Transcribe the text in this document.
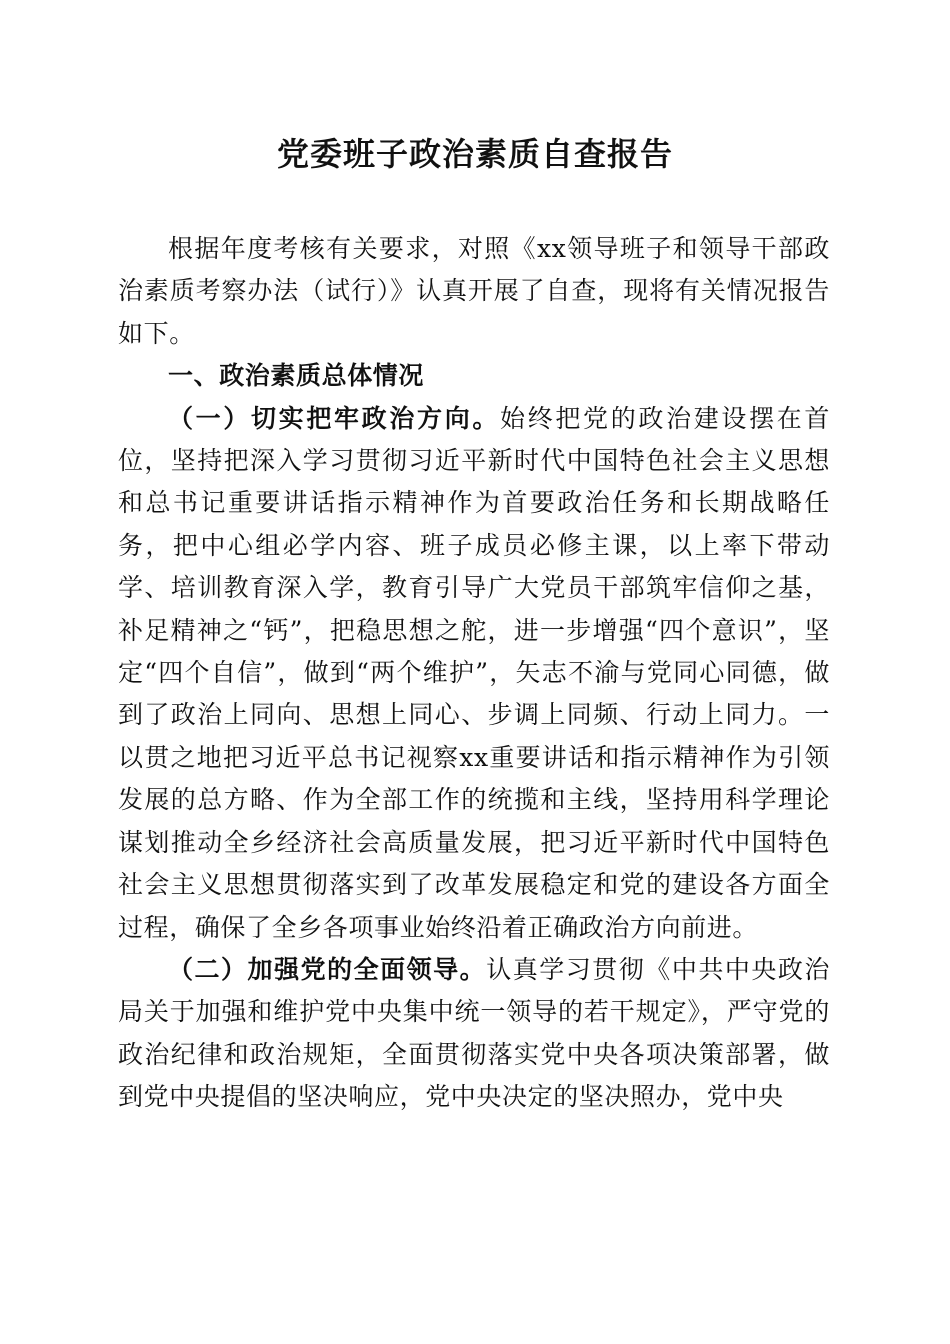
党委班子政治素质自查报告

根据年度考核有关要求，对照《xx领导班子和领导干部政治素质考察办法（试行）》认真开展了自查，现将有关情况报告如下。

一、政治素质总体情况

（一）切实把牢政治方向。始终把党的政治建设摆在首位，坚持把深入学习贯彻习近平新时代中国特色社会主义思想和总书记重要讲话指示精神作为首要政治任务和长期战略任务，把中心组必学内容、班子成员必修主课，以上率下带动学、培训教育深入学，教育引导广大党员干部筑牢信仰之基，补足精神之“钙”，把稳思想之舵，进一步增强“四个意识”，坚定“四个自信”，做到“两个维护”，矢志不渝与党同心同德，做到了政治上同向、思想上同心、步调上同频、行动上同力。一以贯之地把习近平总书记视察xx重要讲话和指示精神作为引领发展的总方略、作为全部工作的统揽和主线，坚持用科学理论谋划推动全乡经济社会高质量发展，把习近平新时代中国特色社会主义思想贯彻落实到了改革发展稳定和党的建设各方面全过程，确保了全乡各项事业始终沿着正确政治方向前进。

（二）加强党的全面领导。认真学习贯彻《中共中央政治局关于加强和维护党中央集中统一领导的若干规定》，严守党的政治纪律和政治规矩，全面贯彻落实党中央各项决策部署，做到党中央提倡的坚决响应，党中央决定的坚决照办，党中央
